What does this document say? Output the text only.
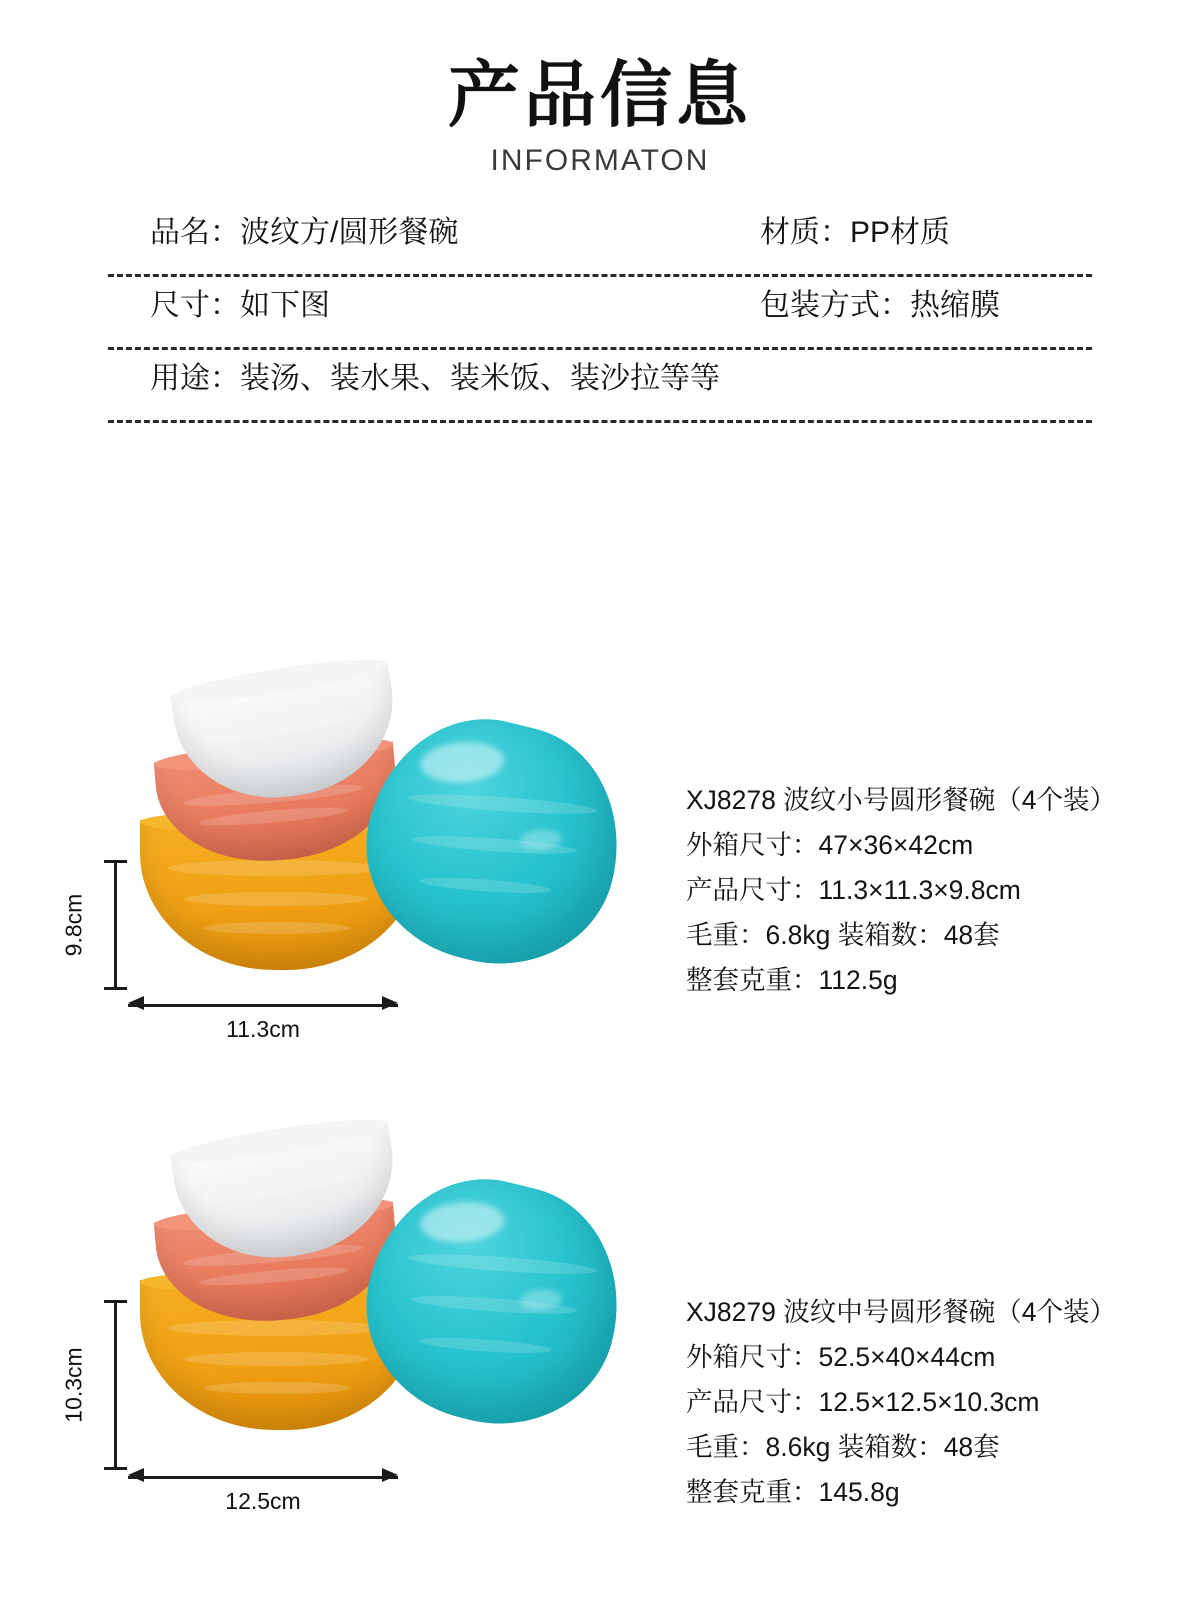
产品信息
INFORMATON
品名：波纹方/圆形餐碗	材质：PP材质
尺寸：如下图	包装方式：热缩膜
用途：装汤、装水果、装米饭、装沙拉等等
9.8cm
11.3cm
XJ8278 波纹小号圆形餐碗（4个装）
外箱尺寸：47×36×42cm
产品尺寸：11.3×11.3×9.8cm
毛重：6.8kg 装箱数：48套
整套克重：112.5g
10.3cm
12.5cm
XJ8279 波纹中号圆形餐碗（4个装）
外箱尺寸：52.5×40×44cm
产品尺寸：12.5×12.5×10.3cm
毛重：8.6kg 装箱数：48套
整套克重：145.8g
